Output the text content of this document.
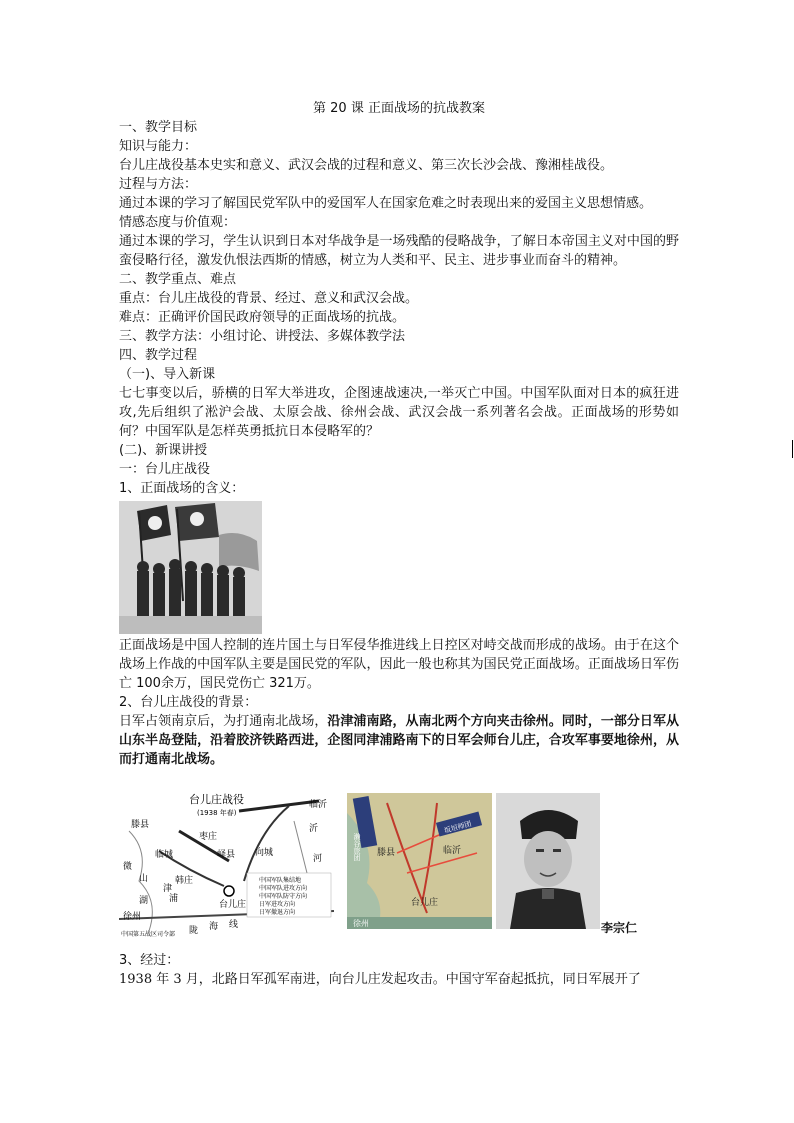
第 20 课 正面战场的抗战教案

一、教学目标

知识与能力：

台儿庄战役基本史实和意义、武汉会战的过程和意义、第三次长沙会战、豫湘桂战役。

过程与方法：

通过本课的学习了解国民党军队中的爱国军人在国家危难之时表现出来的爱国主义思想情感。

情感态度与价值观：

通过本课的学习，学生认识到日本对华战争是一场残酷的侵略战争，了解日本帝国主义对中国的野蛮侵略行径，激发仇恨法西斯的情感，树立为人类和平、民主、进步事业而奋斗的精神。

二、教学重点、难点

重点：台儿庄战役的背景、经过、意义和武汉会战。

难点：正确评价国民政府领导的正面战场的抗战。

三、教学方法：小组讨论、讲授法、多媒体教学法

四、教学过程

（一)、导入新课

七七事变以后，骄横的日军大举进攻，企图速战速决,一举灭亡中国。中国军队面对日本的疯狂进攻,先后组织了淞沪会战、太原会战、徐州会战、武汉会战一系列著名会战。正面战场的形势如何？中国军队是怎样英勇抵抗日本侵略军的？

(二)、新课讲授

一：台儿庄战役

1、正面战场的含义：

正面战场是中国人控制的连片国土与日军侵华推进线上日控区对峙交战而形成的战场。由于在这个战场上作战的中国军队主要是国民党的军队，因此一般也称其为国民党正面战场。正面战场日军伤亡 100余万，国民党伤亡 321万。

2、台儿庄战役的背景：

日军占领南京后，为打通南北战场，沿津浦南路，从南北两个方向夹击徐州。同时，一部分日军从山东半岛登陆，沿着胶济铁路西进，企图同津浦路南下的日军会师台儿庄，合攻军事要地徐州，从而打通南北战场。

台儿庄战役
(1938 年春)
滕县
临沂
枣庄
峄县 向城
临城
韩庄
台儿庄
微
山
湖
徐州
沂
河
陇 海 线
津
浦
中国军队集结地
中国军队进攻方向
中国军队防守方向
日军进攻方向
日军撤退方向
中国第五战区司令部
濑谷旅团
坂垣师团
滕县	临沂
台儿庄
徐州	李宗仁

3、经过：

1938 年 3 月，北路日军孤军南进，向台儿庄发起攻击。中国守军奋起抵抗，同日军展开了
